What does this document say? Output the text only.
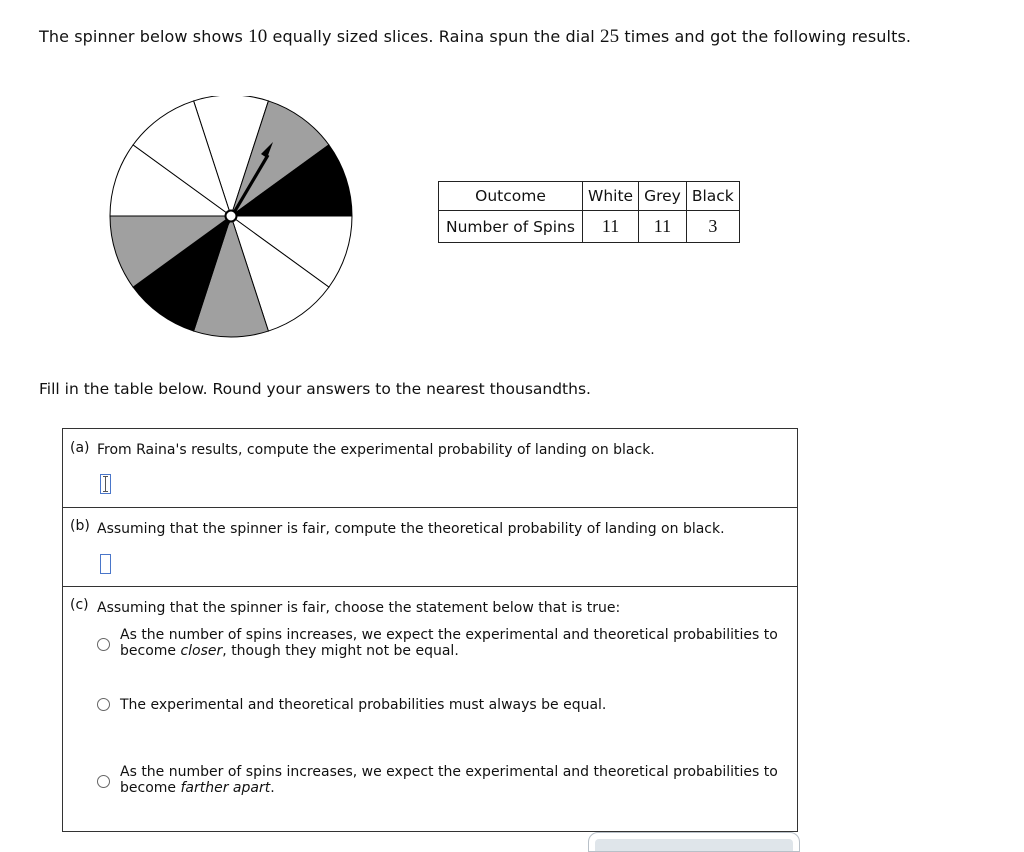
The spinner below shows 10 equally sized slices. Raina spun the dial 25 times and got the following results.
Outcome	White	Grey	Black
Number of Spins	11	11	3
Fill in the table below. Round your answers to the nearest thousandths.
(a) From Raina's results, compute the experimental probability of landing on black.
(b) Assuming that the spinner is fair, compute the theoretical probability of landing on black.
(c) Assuming that the spinner is fair, choose the statement below that is true:
As the number of spins increases, we expect the experimental and theoretical probabilities to
become closer, though they might not be equal.
The experimental and theoretical probabilities must always be equal.
As the number of spins increases, we expect the experimental and theoretical probabilities to
become farther apart.
